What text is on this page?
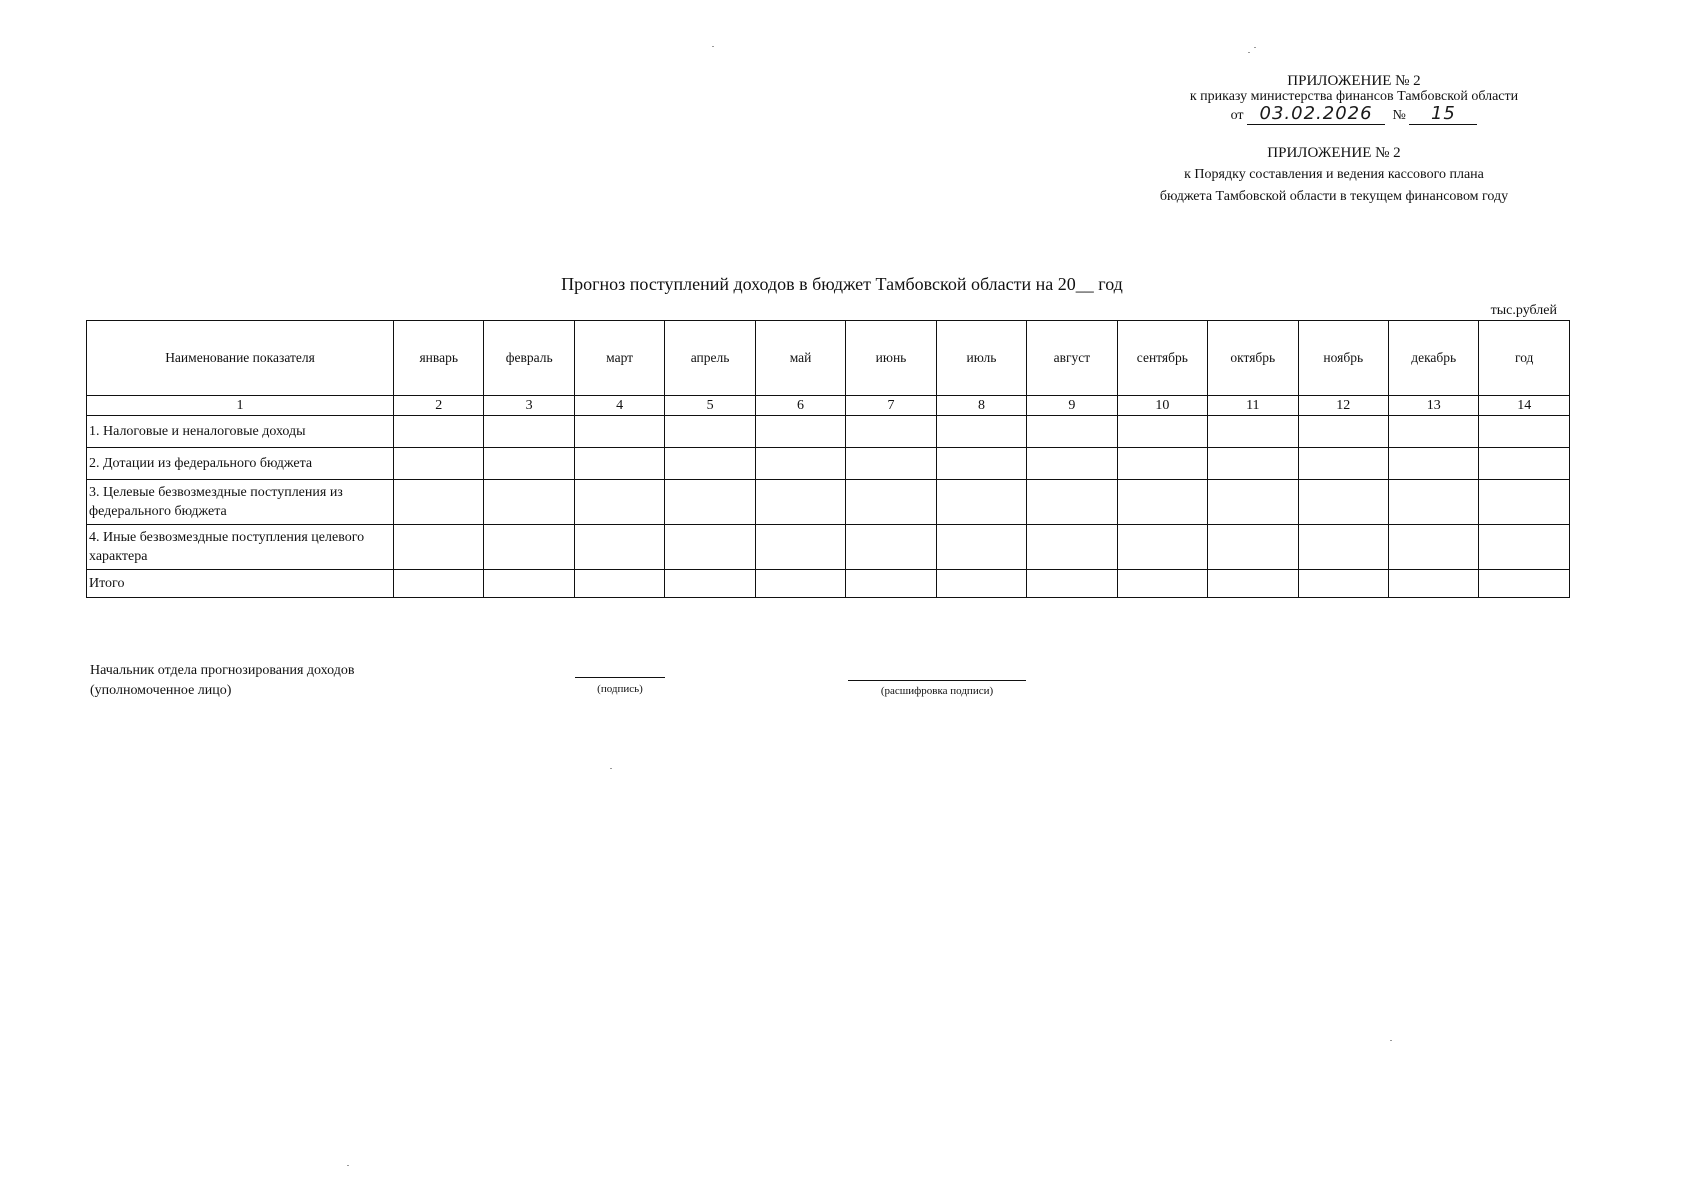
ПРИЛОЖЕНИЕ № 2
к приказу министерства финансов Тамбовской области
от 03.02.2026 № 15
ПРИЛОЖЕНИЕ № 2
к Порядку составления и ведения кассового плана
бюджета Тамбовской области в текущем финансовом году
Прогноз поступлений доходов в бюджет Тамбовской области на 20__ год
тыс.рублей
Наименование показателя	январь	февраль	март	апрель	май	июнь	июль	август	сентябрь	октябрь	ноябрь	декабрь	год
1	2	3	4	5	6	7	8	9	10	11	12	13	14
1. Налоговые и неналоговые доходы													
2. Дотации из федерального бюджета													
3. Целевые безвозмездные поступления из федерального бюджета													
4. Иные безвозмездные поступления целевого характера													
Итого													
Начальник отдела прогнозирования доходов
(уполномоченное лицо)	(подпись)	(расшифровка подписи)
